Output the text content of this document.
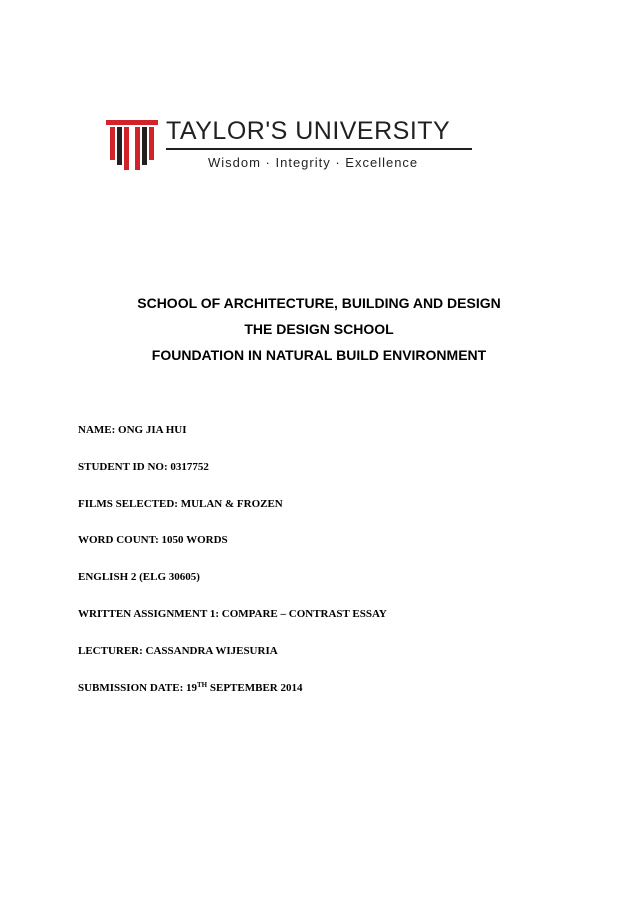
TAYLOR'S UNIVERSITY
Wisdom · Integrity · Excellence
SCHOOL OF ARCHITECTURE, BUILDING AND DESIGN
THE DESIGN SCHOOL
FOUNDATION IN NATURAL BUILD ENVIRONMENT
NAME: ONG JIA HUI
STUDENT ID NO: 0317752
FILMS SELECTED: MULAN & FROZEN
WORD COUNT: 1050 WORDS
ENGLISH 2 (ELG 30605)
WRITTEN ASSIGNMENT 1: COMPARE – CONTRAST ESSAY
LECTURER: CASSANDRA WIJESURIA
SUBMISSION DATE: 19TH SEPTEMBER 2014
